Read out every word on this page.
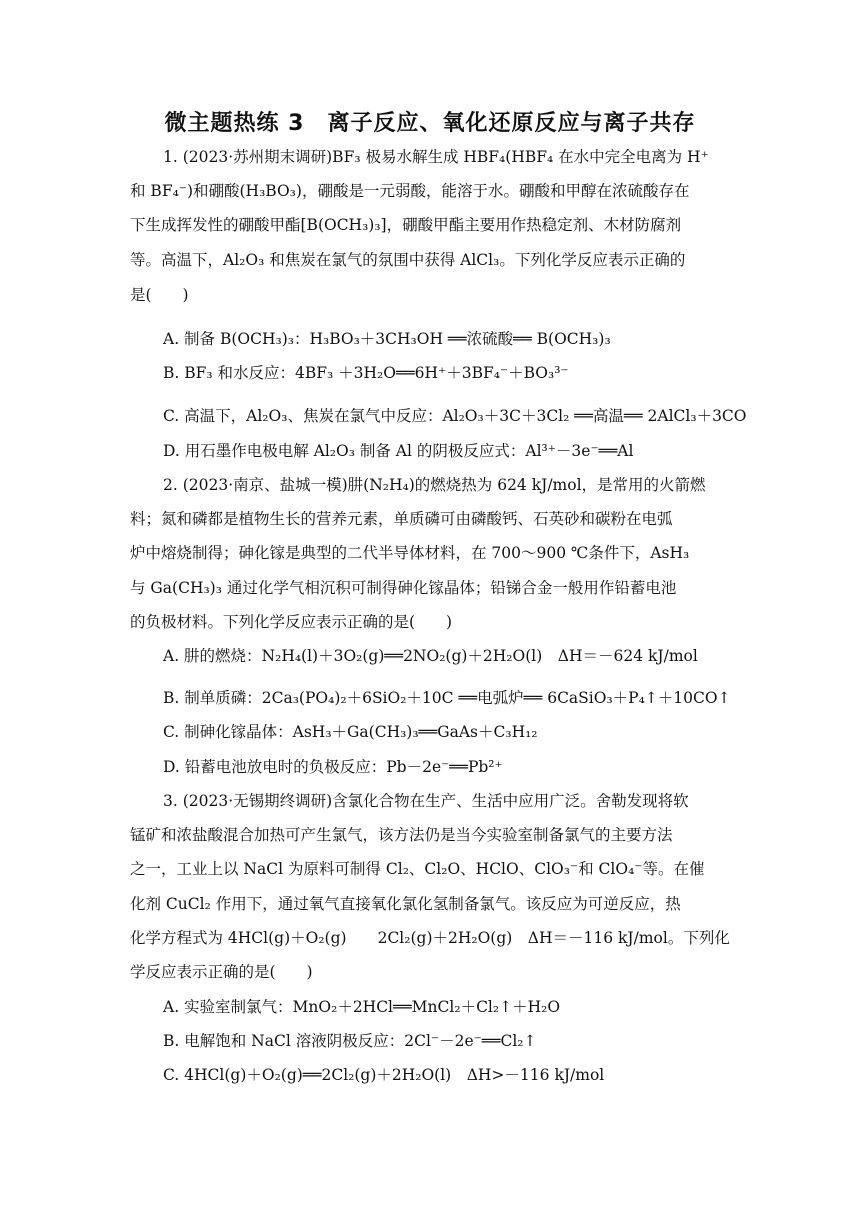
微主题热练 3　离子反应、氧化还原反应与离子共存
1. (2023·苏州期末调研)BF₃ 极易水解生成 HBF₄(HBF₄ 在水中完全电离为 H⁺
和 BF₄⁻)和硼酸(H₃BO₃)，硼酸是一元弱酸，能溶于水。硼酸和甲醇在浓硫酸存在
下生成挥发性的硼酸甲酯[B(OCH₃)₃]，硼酸甲酯主要用作热稳定剂、木材防腐剂
等。高温下，Al₂O₃ 和焦炭在氯气的氛围中获得 AlCl₃。下列化学反应表示正确的
是(　　)
A. 制备 B(OCH₃)₃：H₃BO₃＋3CH₃OH ══浓硫酸══ B(OCH₃)₃
B. BF₃ 和水反应：4BF₃ ＋3H₂O══6H⁺＋3BF₄⁻＋BO₃³⁻
C. 高温下，Al₂O₃、焦炭在氯气中反应：Al₂O₃＋3C＋3Cl₂ ══高温══ 2AlCl₃＋3CO
D. 用石墨作电极电解 Al₂O₃ 制备 Al 的阴极反应式：Al³⁺－3e⁻══Al
2. (2023·南京、盐城一模)肼(N₂H₄)的燃烧热为 624 kJ/mol，是常用的火箭燃
料；氮和磷都是植物生长的营养元素，单质磷可由磷酸钙、石英砂和碳粉在电弧
炉中熔烧制得；砷化镓是典型的二代半导体材料，在 700～900 ℃条件下，AsH₃
与 Ga(CH₃)₃ 通过化学气相沉积可制得砷化镓晶体；铅锑合金一般用作铅蓄电池
的负极材料。下列化学反应表示正确的是(　　)
A. 肼的燃烧：N₂H₄(l)＋3O₂(g)══2NO₂(g)＋2H₂O(l)　ΔH＝－624 kJ/mol
B. 制单质磷：2Ca₃(PO₄)₂＋6SiO₂＋10C ══电弧炉══ 6CaSiO₃＋P₄↑＋10CO↑
C. 制砷化镓晶体：AsH₃＋Ga(CH₃)₃══GaAs＋C₃H₁₂
D. 铅蓄电池放电时的负极反应：Pb－2e⁻══Pb²⁺
3. (2023·无锡期终调研)含氯化合物在生产、生活中应用广泛。舍勒发现将软
锰矿和浓盐酸混合加热可产生氯气，该方法仍是当今实验室制备氯气的主要方法
之一，工业上以 NaCl 为原料可制得 Cl₂、Cl₂O、HClO、ClO₃⁻和 ClO₄⁻等。在催
化剂 CuCl₂ 作用下，通过氧气直接氧化氯化氢制备氯气。该反应为可逆反应，热
化学方程式为 4HCl(g)＋O₂(g)　　2Cl₂(g)＋2H₂O(g)　ΔH＝－116 kJ/mol。下列化
学反应表示正确的是(　　)
A. 实验室制氯气：MnO₂＋2HCl══MnCl₂＋Cl₂↑＋H₂O
B. 电解饱和 NaCl 溶液阴极反应：2Cl⁻－2e⁻══Cl₂↑
C. 4HCl(g)＋O₂(g)══2Cl₂(g)＋2H₂O(l)　ΔH>－116 kJ/mol
